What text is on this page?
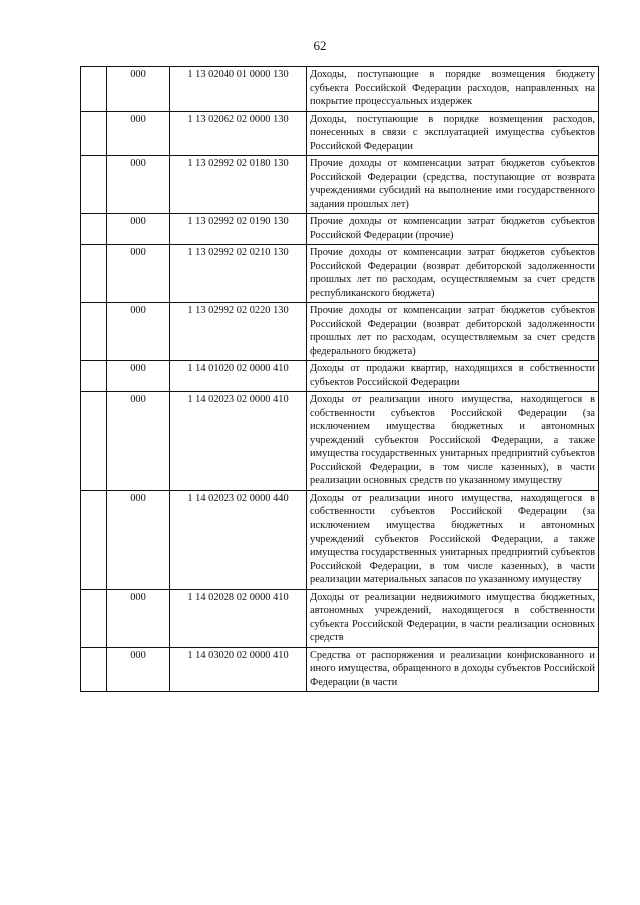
62
	000	1 13 02040 01 0000 130	Доходы, поступающие в порядке возмещения бюджету субъекта Российской Федерации расходов, направленных на покрытие процессуальных издержек
	000	1 13 02062 02 0000 130	Доходы, поступающие в порядке возмещения расходов, понесенных в связи с эксплуатацией имущества субъектов Российской Федерации
	000	1 13 02992 02 0180 130	Прочие доходы от компенсации затрат бюджетов субъектов Российской Федерации (средства, поступающие от возврата учреждениями субсидий на выполнение ими государственного задания прошлых лет)
	000	1 13 02992 02 0190 130	Прочие доходы от компенсации затрат бюджетов субъектов Российской Федерации (прочие)
	000	1 13 02992 02 0210 130	Прочие доходы от компенсации затрат бюджетов субъектов Российской Федерации (возврат дебиторской задолженности прошлых лет по расходам, осуществляемым за счет средств республиканского бюджета)
	000	1 13 02992 02 0220 130	Прочие доходы от компенсации затрат бюджетов субъектов Российской Федерации (возврат дебиторской задолженности прошлых лет по расходам, осуществляемым за счет средств федерального бюджета)
	000	1 14 01020 02 0000 410	Доходы от продажи квартир, находящихся в собственности субъектов Российской Федерации
	000	1 14 02023 02 0000 410	Доходы от реализации иного имущества, находящегося в собственности субъектов Российской Федерации (за исключением имущества бюджетных и автономных учреждений субъектов Российской Федерации, а также имущества государственных унитарных предприятий субъектов Российской Федерации, в том числе казенных), в части реализации основных средств по указанному имуществу
	000	1 14 02023 02 0000 440	Доходы от реализации иного имущества, находящегося в собственности субъектов Российской Федерации (за исключением имущества бюджетных и автономных учреждений субъектов Российской Федерации, а также имущества государственных унитарных предприятий субъектов Российской Федерации, в том числе казенных), в части реализации материальных запасов по указанному имуществу
	000	1 14 02028 02 0000 410	Доходы от реализации недвижимого имущества бюджетных, автономных учреждений, находящегося в собственности субъекта Российской Федерации, в части реализации основных средств
	000	1 14 03020 02 0000 410	Средства от распоряжения и реализации конфискованного и иного имущества, обращенного в доходы субъектов Российской Федерации (в части
